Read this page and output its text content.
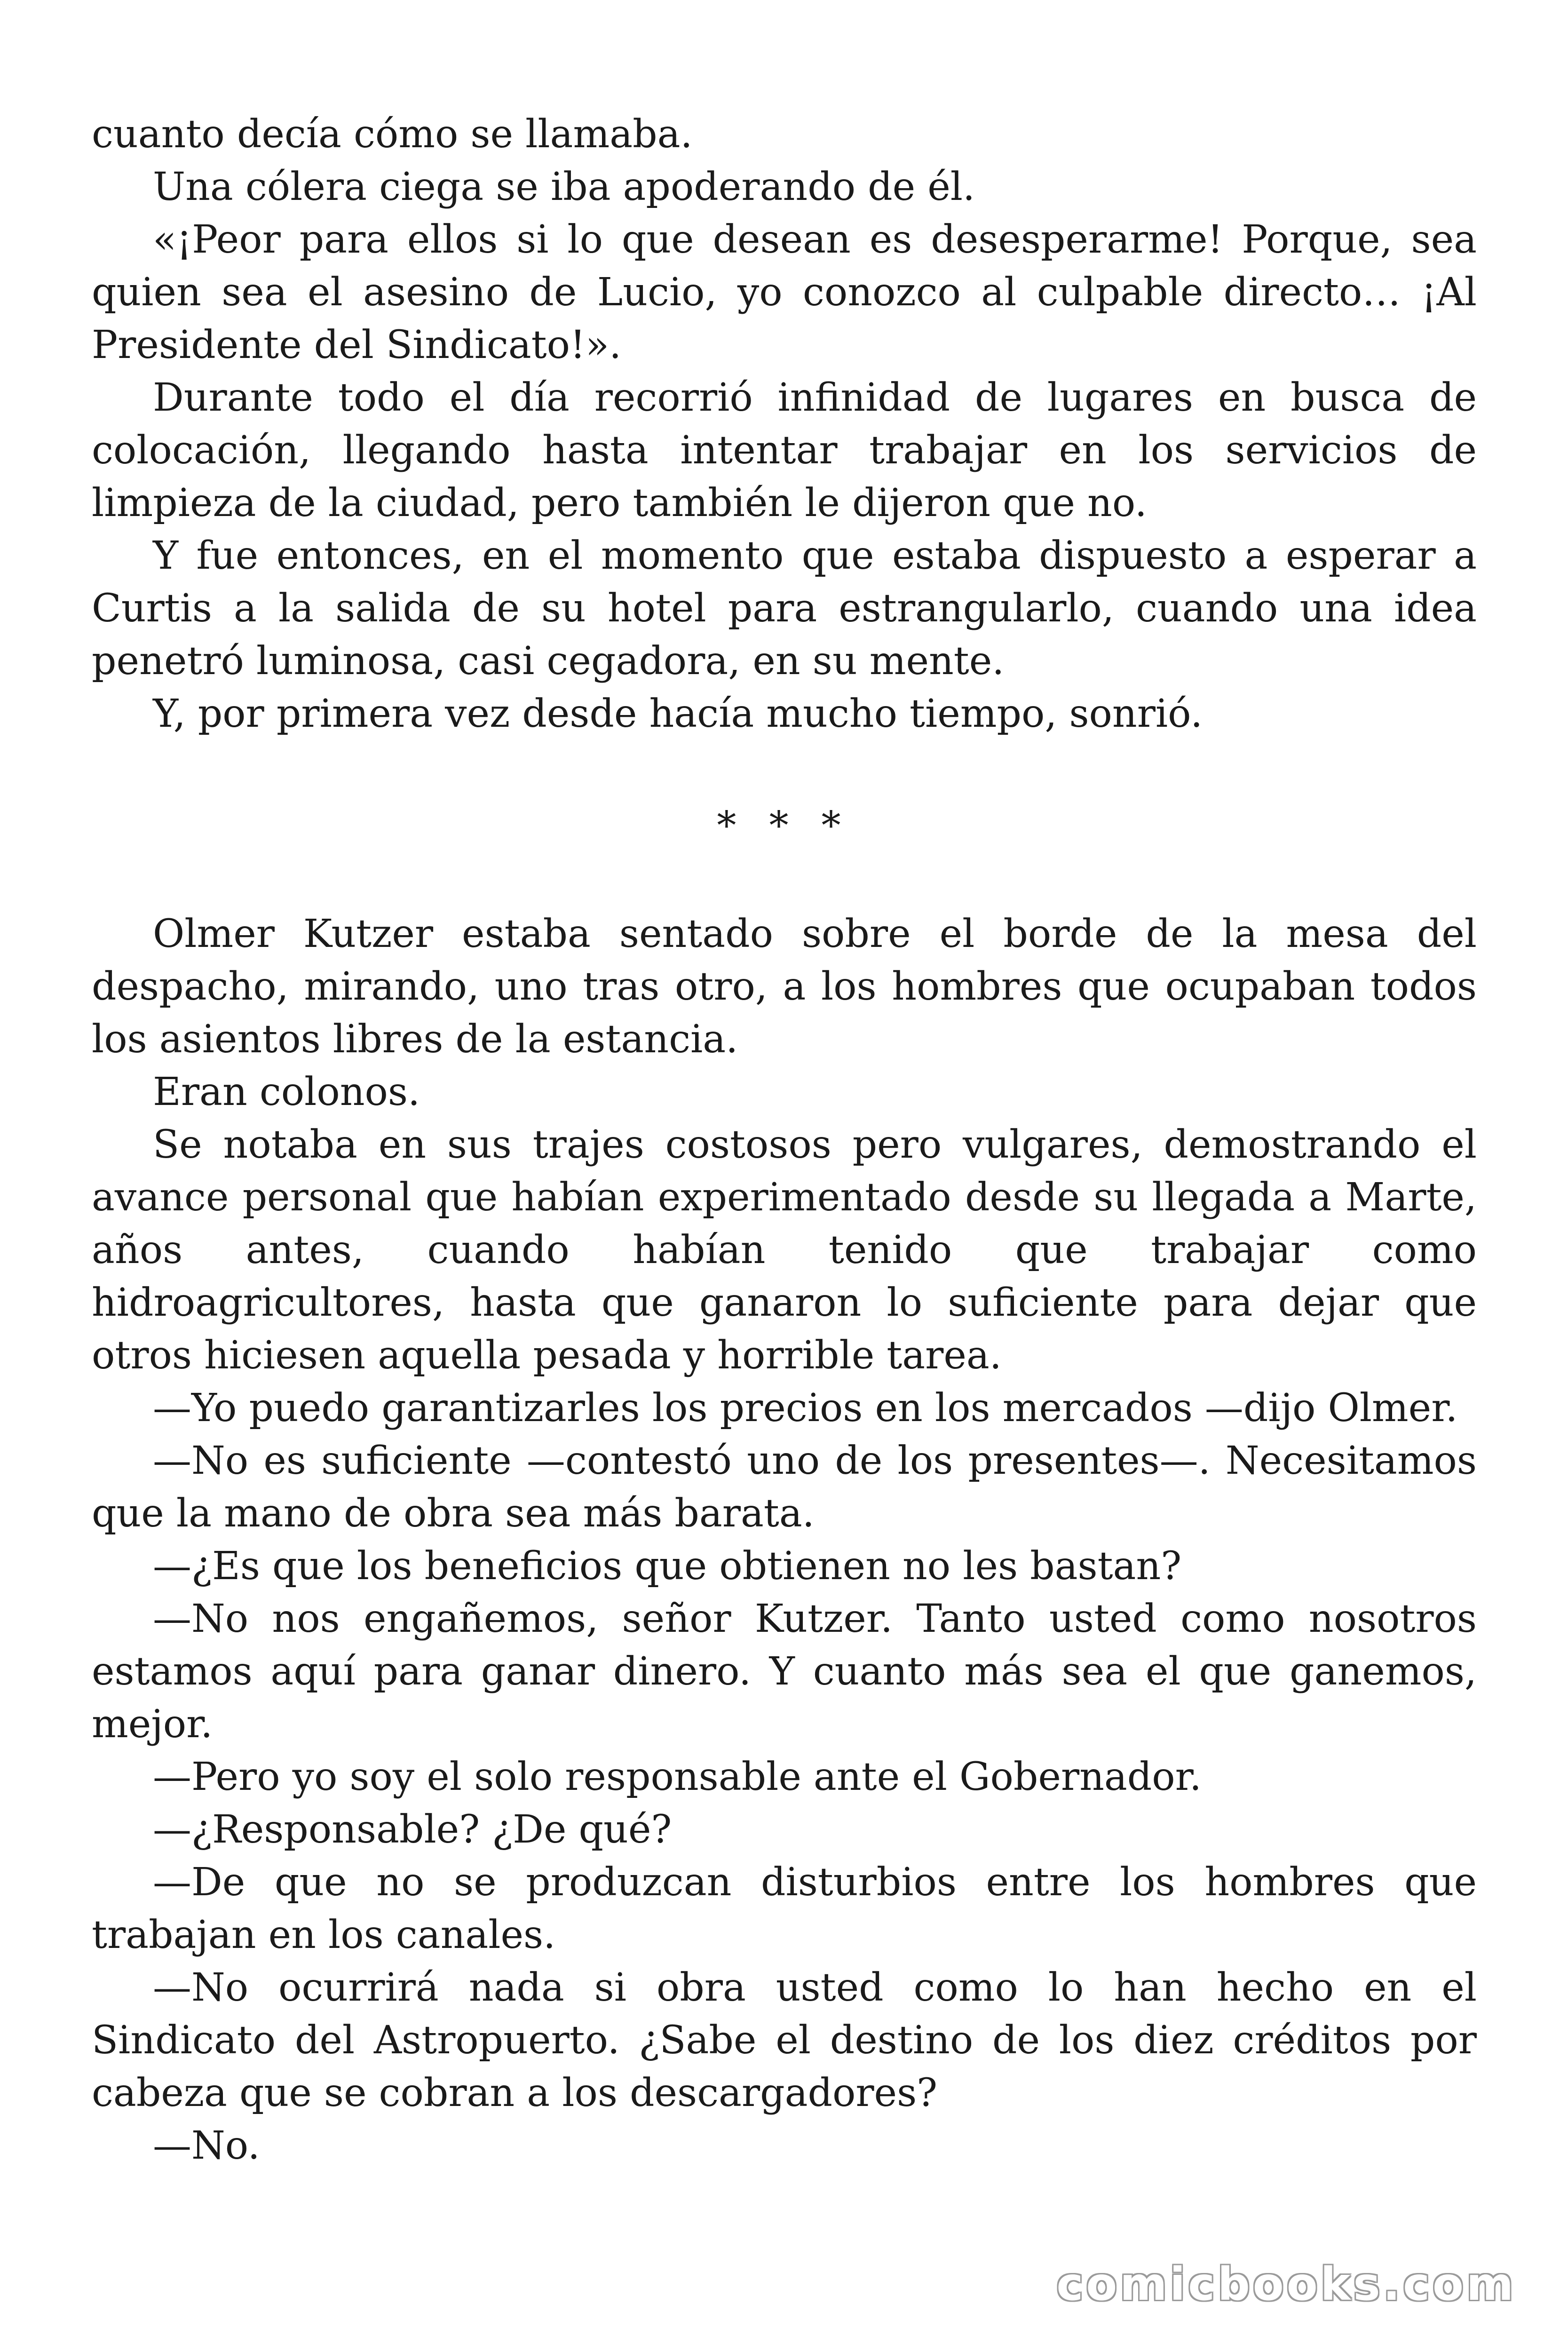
cuanto decía cómo se llamaba.

Una cólera ciega se iba apoderando de él.

«¡Peor para ellos si lo que desean es desesperarme! Porque, sea quien sea el asesino de Lucio, yo conozco al culpable directo… ¡Al Presidente del Sindicato!».

Durante todo el día recorrió infinidad de lugares en busca de colocación, llegando hasta intentar trabajar en los servicios de limpieza de la ciudad, pero también le dijeron que no.

Y fue entonces, en el momento que estaba dispuesto a esperar a Curtis a la salida de su hotel para estrangularlo, cuando una idea penetró luminosa, casi cegadora, en su mente.

Y, por primera vez desde hacía mucho tiempo, sonrió.

* * *

Olmer Kutzer estaba sentado sobre el borde de la mesa del despacho, mirando, uno tras otro, a los hombres que ocupaban todos los asientos libres de la estancia.

Eran colonos.

Se notaba en sus trajes costosos pero vulgares, demostrando el avance personal que habían experimentado desde su llegada a Marte, años antes, cuando habían tenido que trabajar como hidroagricultores, hasta que ganaron lo suficiente para dejar que otros hiciesen aquella pesada y horrible tarea.

—Yo puedo garantizarles los precios en los mercados —dijo Olmer.

—No es suficiente —contestó uno de los presentes—. Necesitamos que la mano de obra sea más barata.

—¿Es que los beneficios que obtienen no les bastan?

—No nos engañemos, señor Kutzer. Tanto usted como nosotros estamos aquí para ganar dinero. Y cuanto más sea el que ganemos, mejor.

—Pero yo soy el solo responsable ante el Gobernador.

—¿Responsable? ¿De qué?

—De que no se produzcan disturbios entre los hombres que trabajan en los canales.

—No ocurrirá nada si obra usted como lo han hecho en el Sindicato del Astropuerto. ¿Sabe el destino de los diez créditos por cabeza que se cobran a los descargadores?

—No.

comicbooks.com
